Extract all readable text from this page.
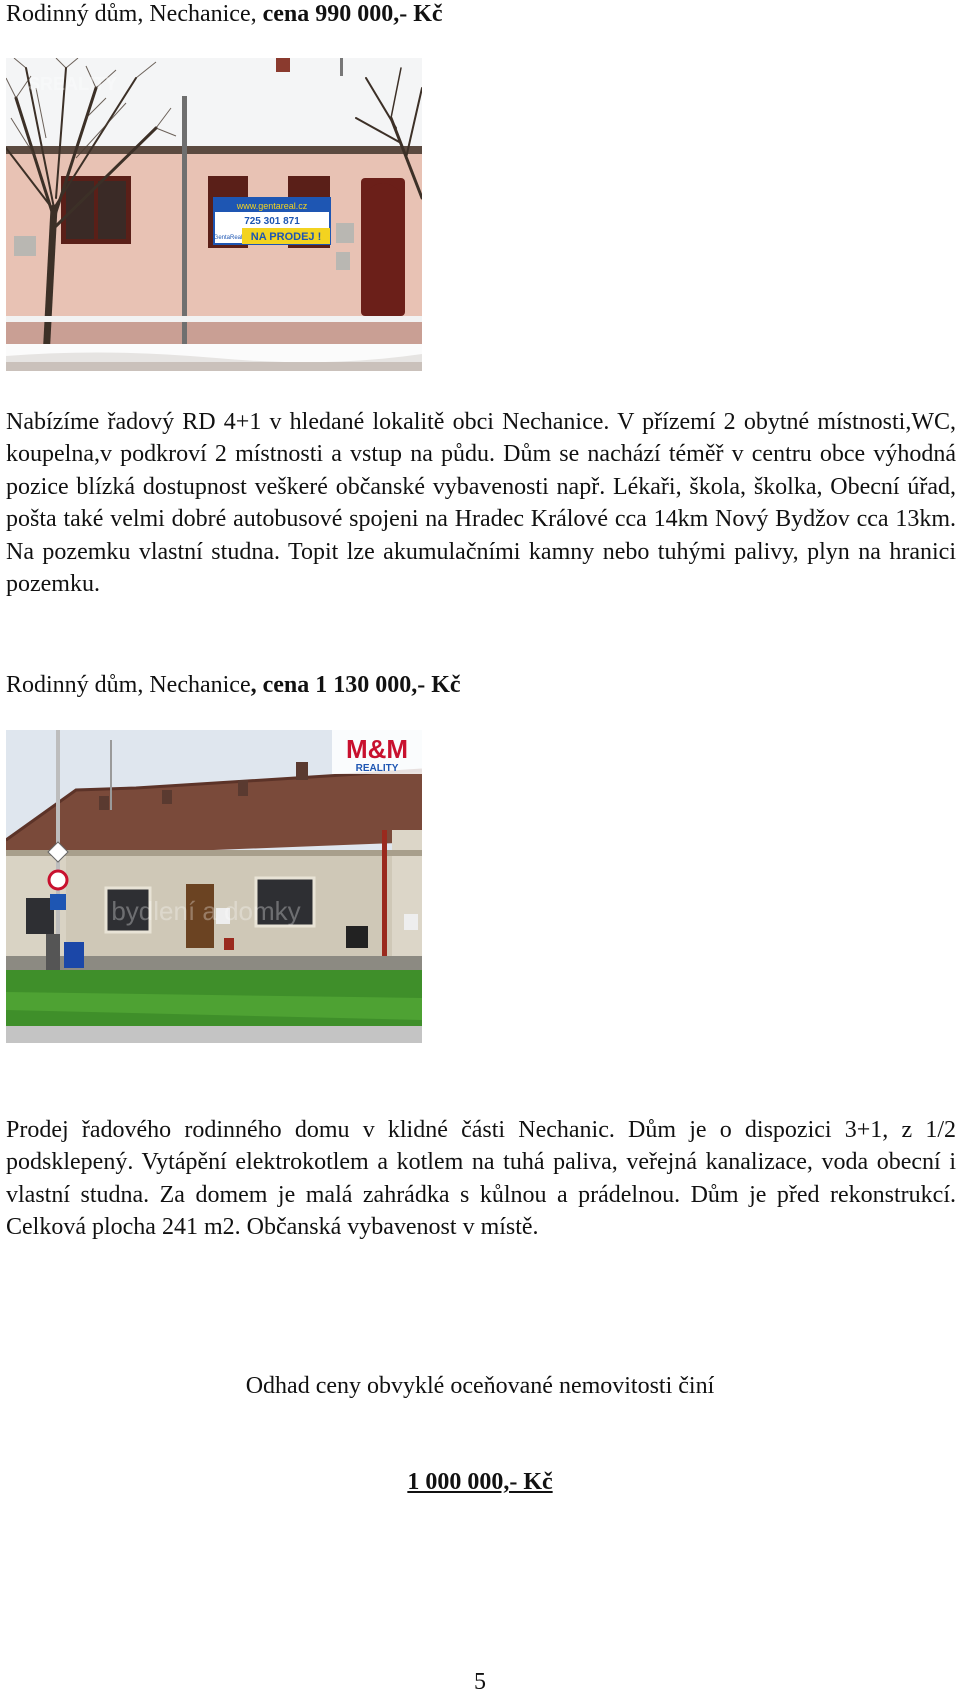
Rodinný dům, Nechanice, cena 990 000,- Kč
www.gentareal.cz
725 301 871
NA PRODEJ !
GentaReal
SREALITY

Nabízíme řadový RD 4+1 v hledané lokalitě obci Nechanice. V přízemí 2 obytné místnosti,WC, koupelna,v podkroví 2 místnosti a vstup na půdu. Dům se nachází téměř v centru obce výhodná pozice blízká dostupnost veškeré občanské vybavenosti např. Lékaři, škola, školka, Obecní úřad, pošta také velmi dobré autobusové spojeni na Hradec Králové cca 14km Nový Bydžov cca 13km. Na pozemku vlastní studna. Topit lze akumulačními kamny nebo tuhými palivy, plyn na hranici pozemku.

Rodinný dům, Nechanice, cena 1 130 000,- Kč
M&M
REALITY
bydlení a domky

Prodej řadového rodinného domu v klidné části Nechanic. Dům je o dispozici 3+1, z 1/2 podsklepený. Vytápění elektrokotlem a kotlem na tuhá paliva, veřejná kanalizace, voda obecní i vlastní studna. Za domem je malá zahrádka s kůlnou a prádelnou. Dům je před rekonstrukcí. Celková plocha 241 m2. Občanská vybavenost v místě.

Odhad ceny obvyklé oceňované nemovitosti činí
1 000 000,- Kč
5
